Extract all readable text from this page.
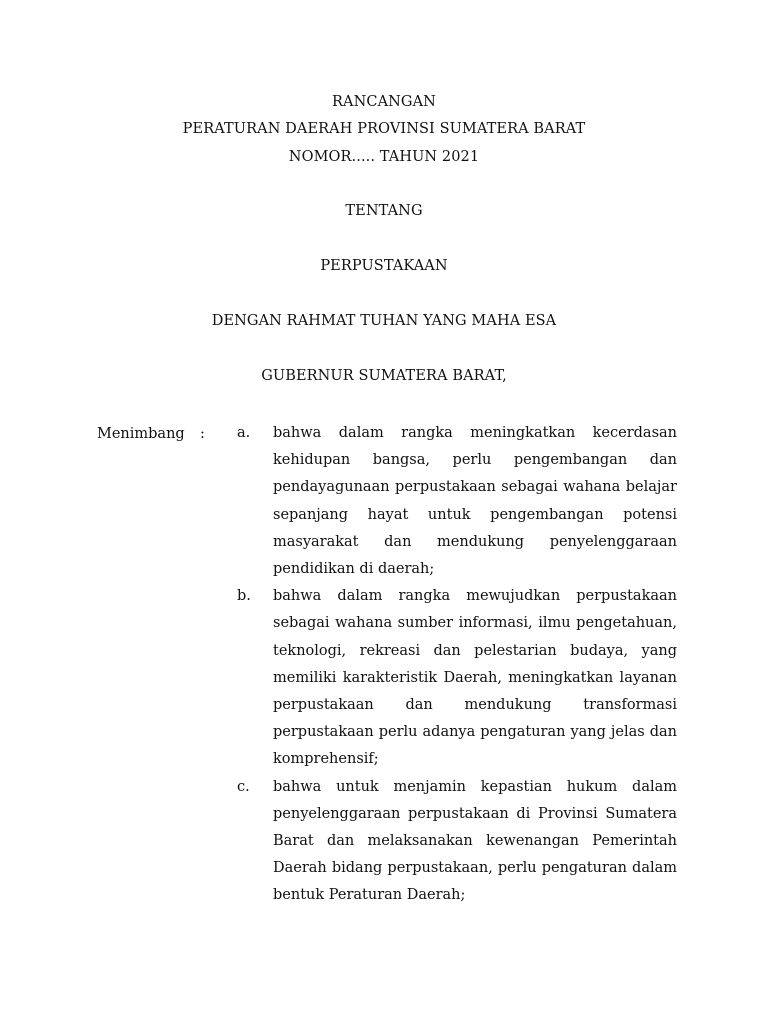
RANCANGAN
PERATURAN DAERAH PROVINSI SUMATERA BARAT
NOMOR..... TAHUN 2021
TENTANG
PERPUSTAKAAN
DENGAN RAHMAT TUHAN YANG MAHA ESA
GUBERNUR SUMATERA BARAT,
Menimbang : a. bahwa dalam rangka meningkatkan kecerdasan kehidupan bangsa, perlu pengembangan dan pendayagunaan perpustakaan sebagai wahana belajar sepanjang hayat untuk pengembangan potensi masyarakat dan mendukung penyelenggaraan pendidikan di daerah;
b. bahwa dalam rangka mewujudkan perpustakaan sebagai wahana sumber informasi, ilmu pengetahuan, teknologi, rekreasi dan pelestarian budaya, yang memiliki karakteristik Daerah, meningkatkan layanan perpustakaan dan mendukung transformasi perpustakaan perlu adanya pengaturan yang jelas dan komprehensif;
c. bahwa untuk menjamin kepastian hukum dalam penyelenggaraan perpustakaan di Provinsi Sumatera Barat dan melaksanakan kewenangan Pemerintah Daerah bidang perpustakaan, perlu pengaturan dalam bentuk Peraturan Daerah;
